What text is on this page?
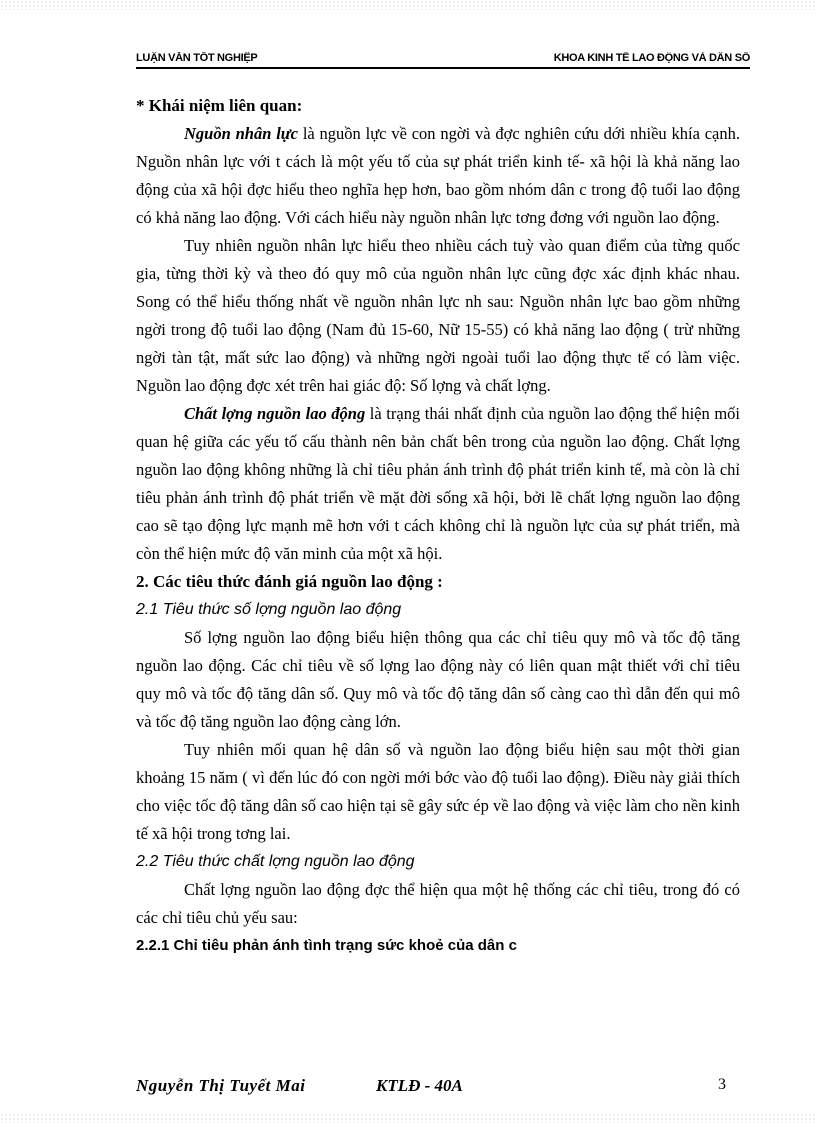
LUẬN VĂN TỐT NGHIỆP	KHOA KINH TẾ LAO ĐỘNG VÀ DÂN SỐ
* Khái niệm liên quan:

Nguồn nhân lực là nguồn lực về con ngời và đợc nghiên cứu dới nhiều khía cạnh. Nguồn nhân lực với t cách là một yếu tố của sự phát triển kinh tế- xã hội là khả năng lao động của xã hội đợc hiểu theo nghĩa hẹp hơn, bao gồm nhóm dân c trong độ tuổi lao động có khả năng lao động. Với cách hiểu này nguồn nhân lực tơng đơng với nguồn lao động.

Tuy nhiên nguồn nhân lực hiểu theo nhiều cách tuỳ vào quan điểm của từng quốc gia, từng thời kỳ và theo đó quy mô của nguồn nhân lực cũng đợc xác định khác nhau. Song có thể hiểu thống nhất về nguồn nhân lực nh sau: Nguồn nhân lực bao gồm những ngời trong độ tuổi lao động (Nam đủ 15-60, Nữ 15-55) có khả năng lao động ( trừ những ngời tàn tật, mất sức lao động) và những ngời ngoài tuổi lao động thực tế có làm việc. Nguồn lao động đợc xét trên hai giác độ: Số lợng và chất lợng.

Chất lợng nguồn lao động là trạng thái nhất định của nguồn lao động thể hiện mối quan hệ giữa các yếu tố cấu thành nên bản chất bên trong của nguồn lao động. Chất lợng nguồn lao động không những là chỉ tiêu phản ánh trình độ phát triển kinh tế, mà còn là chỉ tiêu phản ánh trình độ phát triển về mặt đời sống xã hội, bởi lẽ chất lợng nguồn lao động cao sẽ tạo động lực mạnh mẽ hơn với t cách không chỉ là nguồn lực của sự phát triển, mà còn thể hiện mức độ văn minh của một xã hội.

2. Các tiêu thức đánh giá nguồn lao động :
2.1 Tiêu thức số lợng nguồn lao động

Số lợng nguồn lao động biểu hiện thông qua các chỉ tiêu quy mô và tốc độ tăng nguồn lao động. Các chỉ tiêu về số lợng lao động này có liên quan mật thiết với chỉ tiêu quy mô và tốc độ tăng dân số. Quy mô và tốc độ tăng dân số càng cao thì dẫn đến qui mô và tốc độ tăng nguồn lao động càng lớn.

Tuy nhiên mối quan hệ dân số và nguồn lao động biểu hiện sau một thời gian khoảng 15 năm ( vì đến lúc đó con ngời mới bớc vào độ tuổi lao động). Điều này giải thích cho việc tốc độ tăng dân số cao hiện tại sẽ gây sức ép về lao động và việc làm cho nền kinh tế xã hội trong tơng lai.

2.2 Tiêu thức chất lợng nguồn lao động

Chất lợng nguồn lao động đợc thể hiện qua một hệ thống các chỉ tiêu, trong đó có các chỉ tiêu chủ yếu sau:

2.2.1 Chỉ tiêu phản ánh tình trạng sức khoẻ của dân c
Nguyễn Thị Tuyết Mai	KTLĐ - 40A	3
